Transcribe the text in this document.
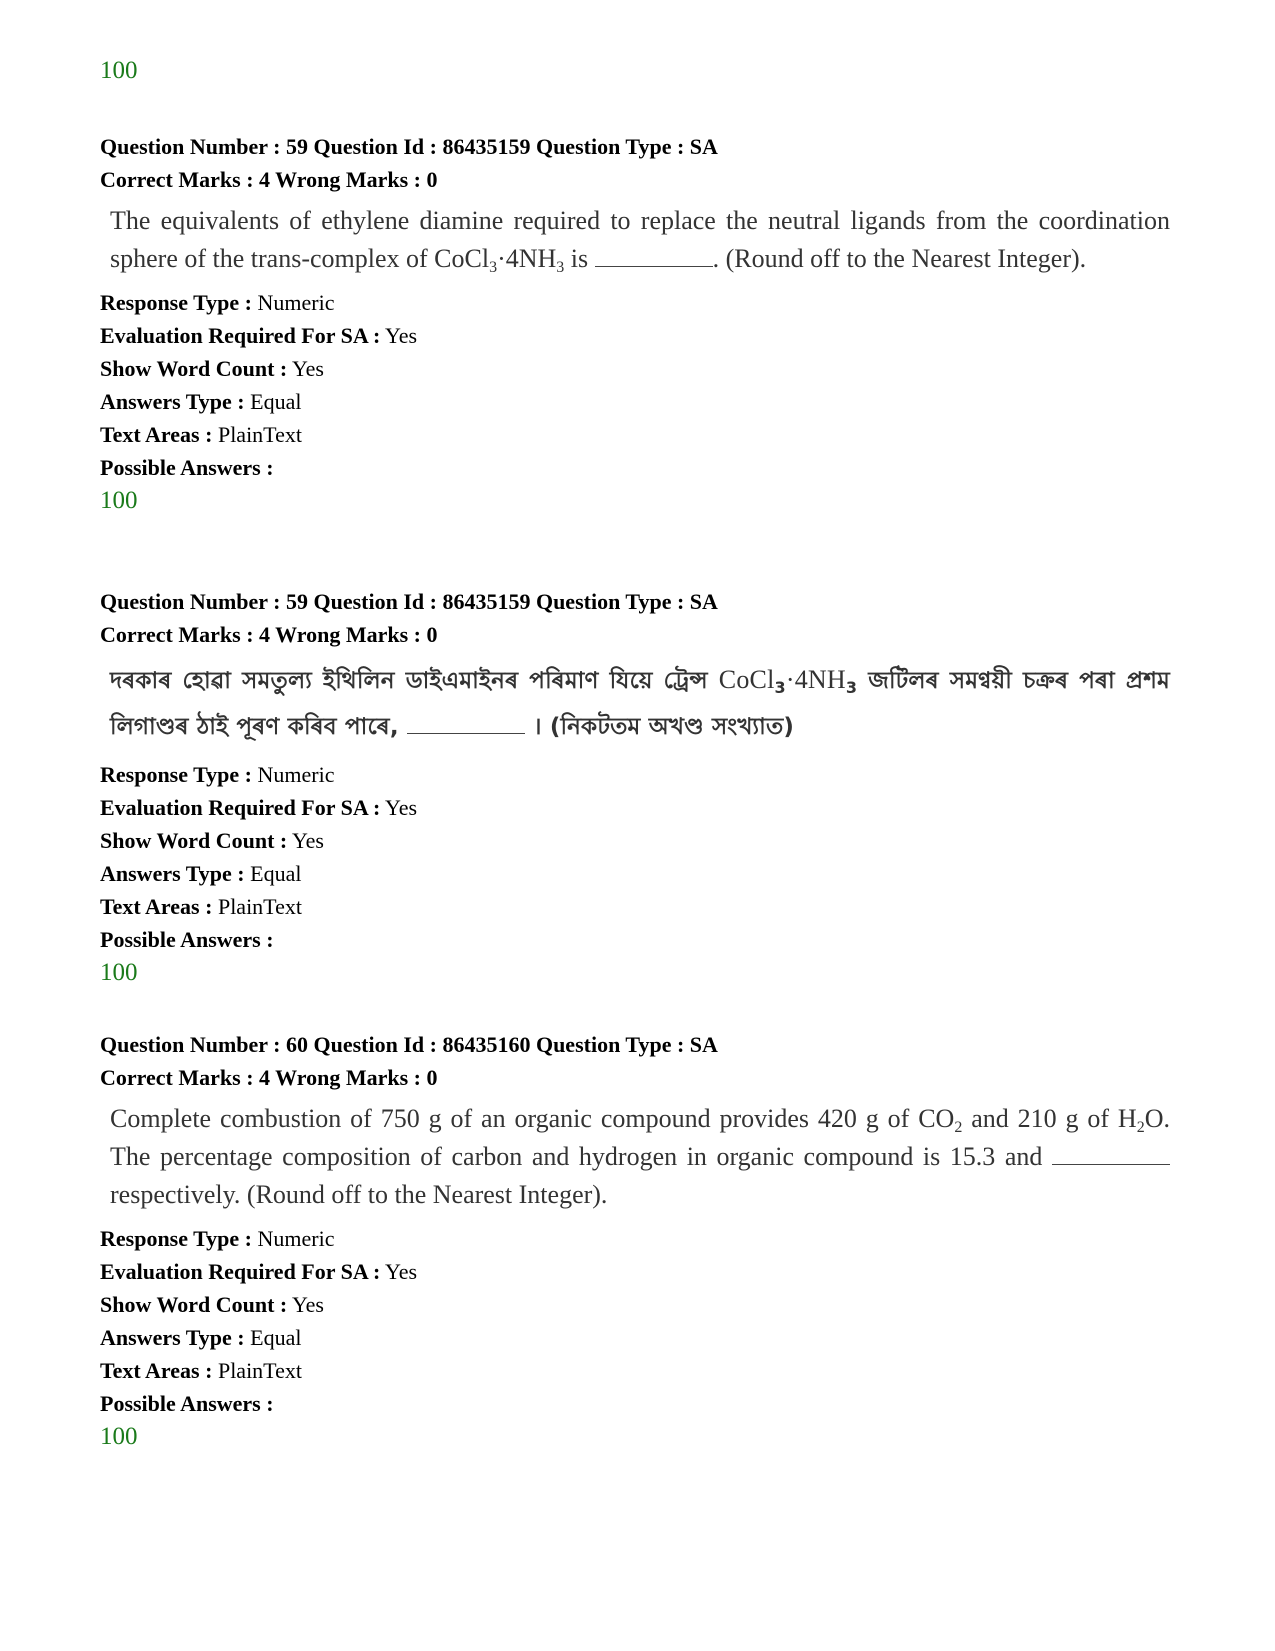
100
Question Number : 59 Question Id : 86435159 Question Type : SA
Correct Marks : 4 Wrong Marks : 0
The equivalents of ethylene diamine required to replace the neutral ligands from the coordination sphere of the trans-complex of $CoCl_3\cdot 4NH_3$ is	. (Round off to the Nearest Integer).
Response Type : Numeric
Evaluation Required For SA : Yes
Show Word Count : Yes
Answers Type : Equal
Text Areas : PlainText
Possible Answers :
100
Question Number : 59 Question Id : 86435159 Question Type : SA
Correct Marks : 4 Wrong Marks : 0
দৰকাৰ হোৱা সমতুল্য ইথিলিন ডাইএমাইনৰ পৰিমাণ যিয়ে ট্ৰেন্স $CoCl_3\cdot 4NH_3$ জটিলৰ সমণ্বয়ী চক্ৰৰ পৰা প্ৰশম লিগাণ্ডৰ ঠাই পূৰণ কৰিব পাৰে,	। (নিকটতম অখণ্ড সংখ্যাত)
Response Type : Numeric
Evaluation Required For SA : Yes
Show Word Count : Yes
Answers Type : Equal
Text Areas : PlainText
Possible Answers :
100
Question Number : 60 Question Id : 86435160 Question Type : SA
Correct Marks : 4 Wrong Marks : 0
Complete combustion of 750 g of an organic compound provides 420 g of $CO_2$ and 210 g of $H_2O$. The percentage composition of carbon and hydrogen in organic compound is 15.3 and  respectively. (Round off to the Nearest Integer).
Response Type : Numeric
Evaluation Required For SA : Yes
Show Word Count : Yes
Answers Type : Equal
Text Areas : PlainText
Possible Answers :
100
